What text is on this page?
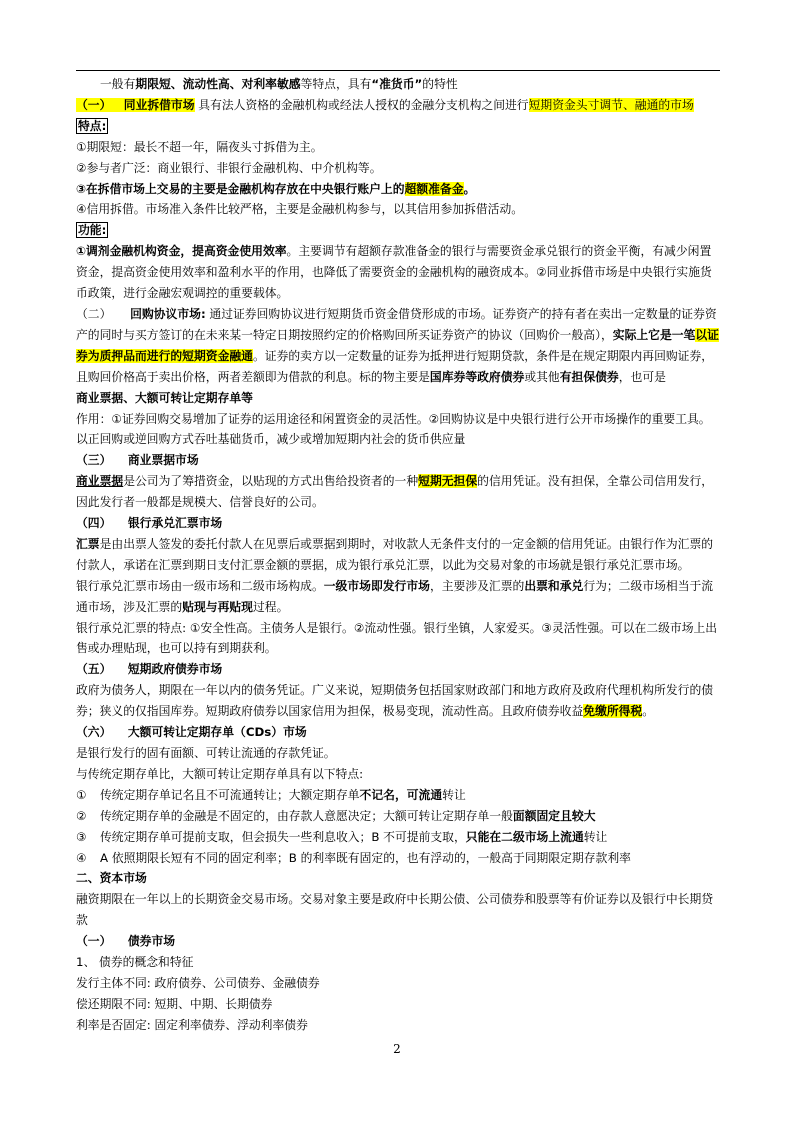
一般有期限短、流动性高、对利率敏感等特点，具有“准货币”的特性

（一） 同业拆借市场 具有法人资格的金融机构或经法人授权的金融分支机构之间进行短期资金头寸调节、融通的市场

特点:

①期限短：最长不超一年，隔夜头寸拆借为主。

②参与者广泛：商业银行、非银行金融机构、中介机构等。

③在拆借市场上交易的主要是金融机构存放在中央银行账户上的超额准备金。

④信用拆借。市场准入条件比较严格，主要是金融机构参与，以其信用参加拆借活动。

功能:

①调剂金融机构资金，提高资金使用效率。主要调节有超额存款准备金的银行与需要资金承兑银行的资金平衡，有减少闲置资金，提高资金使用效率和盈利水平的作用，也降低了需要资金的金融机构的融资成本。②同业拆借市场是中央银行实施货币政策，进行金融宏观调控的重要载体。

（二） 回购协议市场: 通过证券回购协议进行短期货币资金借贷形成的市场。证券资产的持有者在卖出一定数量的证券资产的同时与买方签订的在未来某一特定日期按照约定的价格购回所买证券资产的协议（回购价一般高），实际上它是一笔以证券为质押品而进行的短期资金融通。证券的卖方以一定数量的证券为抵押进行短期贷款，条件是在规定期限内再回购证券，且购回价格高于卖出价格，两者差额即为借款的利息。标的物主要是国库券等政府债券或其他有担保债券，也可是
商业票据、大额可转让定期存单等

作用：①证券回购交易增加了证券的运用途径和闲置资金的灵活性。②回购协议是中央银行进行公开市场操作的重要工具。以正回购或逆回购方式吞吐基础货币，减少或增加短期内社会的货币供应量

（三） 商业票据市场

商业票据是公司为了筹措资金，以贴现的方式出售给投资者的一种短期无担保的信用凭证。没有担保，全靠公司信用发行，因此发行者一般都是规模大、信誉良好的公司。

（四） 银行承兑汇票市场

汇票是由出票人签发的委托付款人在见票后或票据到期时，对收款人无条件支付的一定金额的信用凭证。由银行作为汇票的付款人，承诺在汇票到期日支付汇票金额的票据，成为银行承兑汇票，以此为交易对象的市场就是银行承兑汇票市场。

银行承兑汇票市场由一级市场和二级市场构成。一级市场即发行市场，主要涉及汇票的出票和承兑行为；二级市场相当于流通市场，涉及汇票的贴现与再贴现过程。

银行承兑汇票的特点: ①安全性高。主债务人是银行。②流动性强。银行坐镇，人家爱买。③灵活性强。可以在二级市场上出售或办理贴现，也可以持有到期获利。

（五） 短期政府债券市场

政府为债务人，期限在一年以内的债务凭证。广义来说，短期债务包括国家财政部门和地方政府及政府代理机构所发行的债券；狭义的仅指国库券。短期政府债券以国家信用为担保，极易变现，流动性高。且政府债券收益免缴所得税。

（六） 大额可转让定期存单（CDs）市场

是银行发行的固有面额、可转让流通的存款凭证。

与传统定期存单比，大额可转让定期存单具有以下特点:

①	传统定期存单记名且不可流通转让；大额定期存单不记名，可流通转让
②	传统定期存单的金融是不固定的，由存款人意愿决定；大额可转让定期存单一般面额固定且较大
③	传统定期存单可提前支取，但会损失一些利息收入；B 不可提前支取，只能在二级市场上流通转让
④	A 依照期限长短有不同的固定利率；B 的利率既有固定的，也有浮动的，一般高于同期限定期存款利率

二、资本市场

融资期限在一年以上的长期资金交易市场。交易对象主要是政府中长期公债、公司债券和股票等有价证券以及银行中长期贷款

（一） 债券市场

1、 债券的概念和特征

发行主体不同: 政府债券、公司债券、金融债券

偿还期限不同: 短期、中期、长期债券

利率是否固定: 固定利率债券、浮动利率债券

2
